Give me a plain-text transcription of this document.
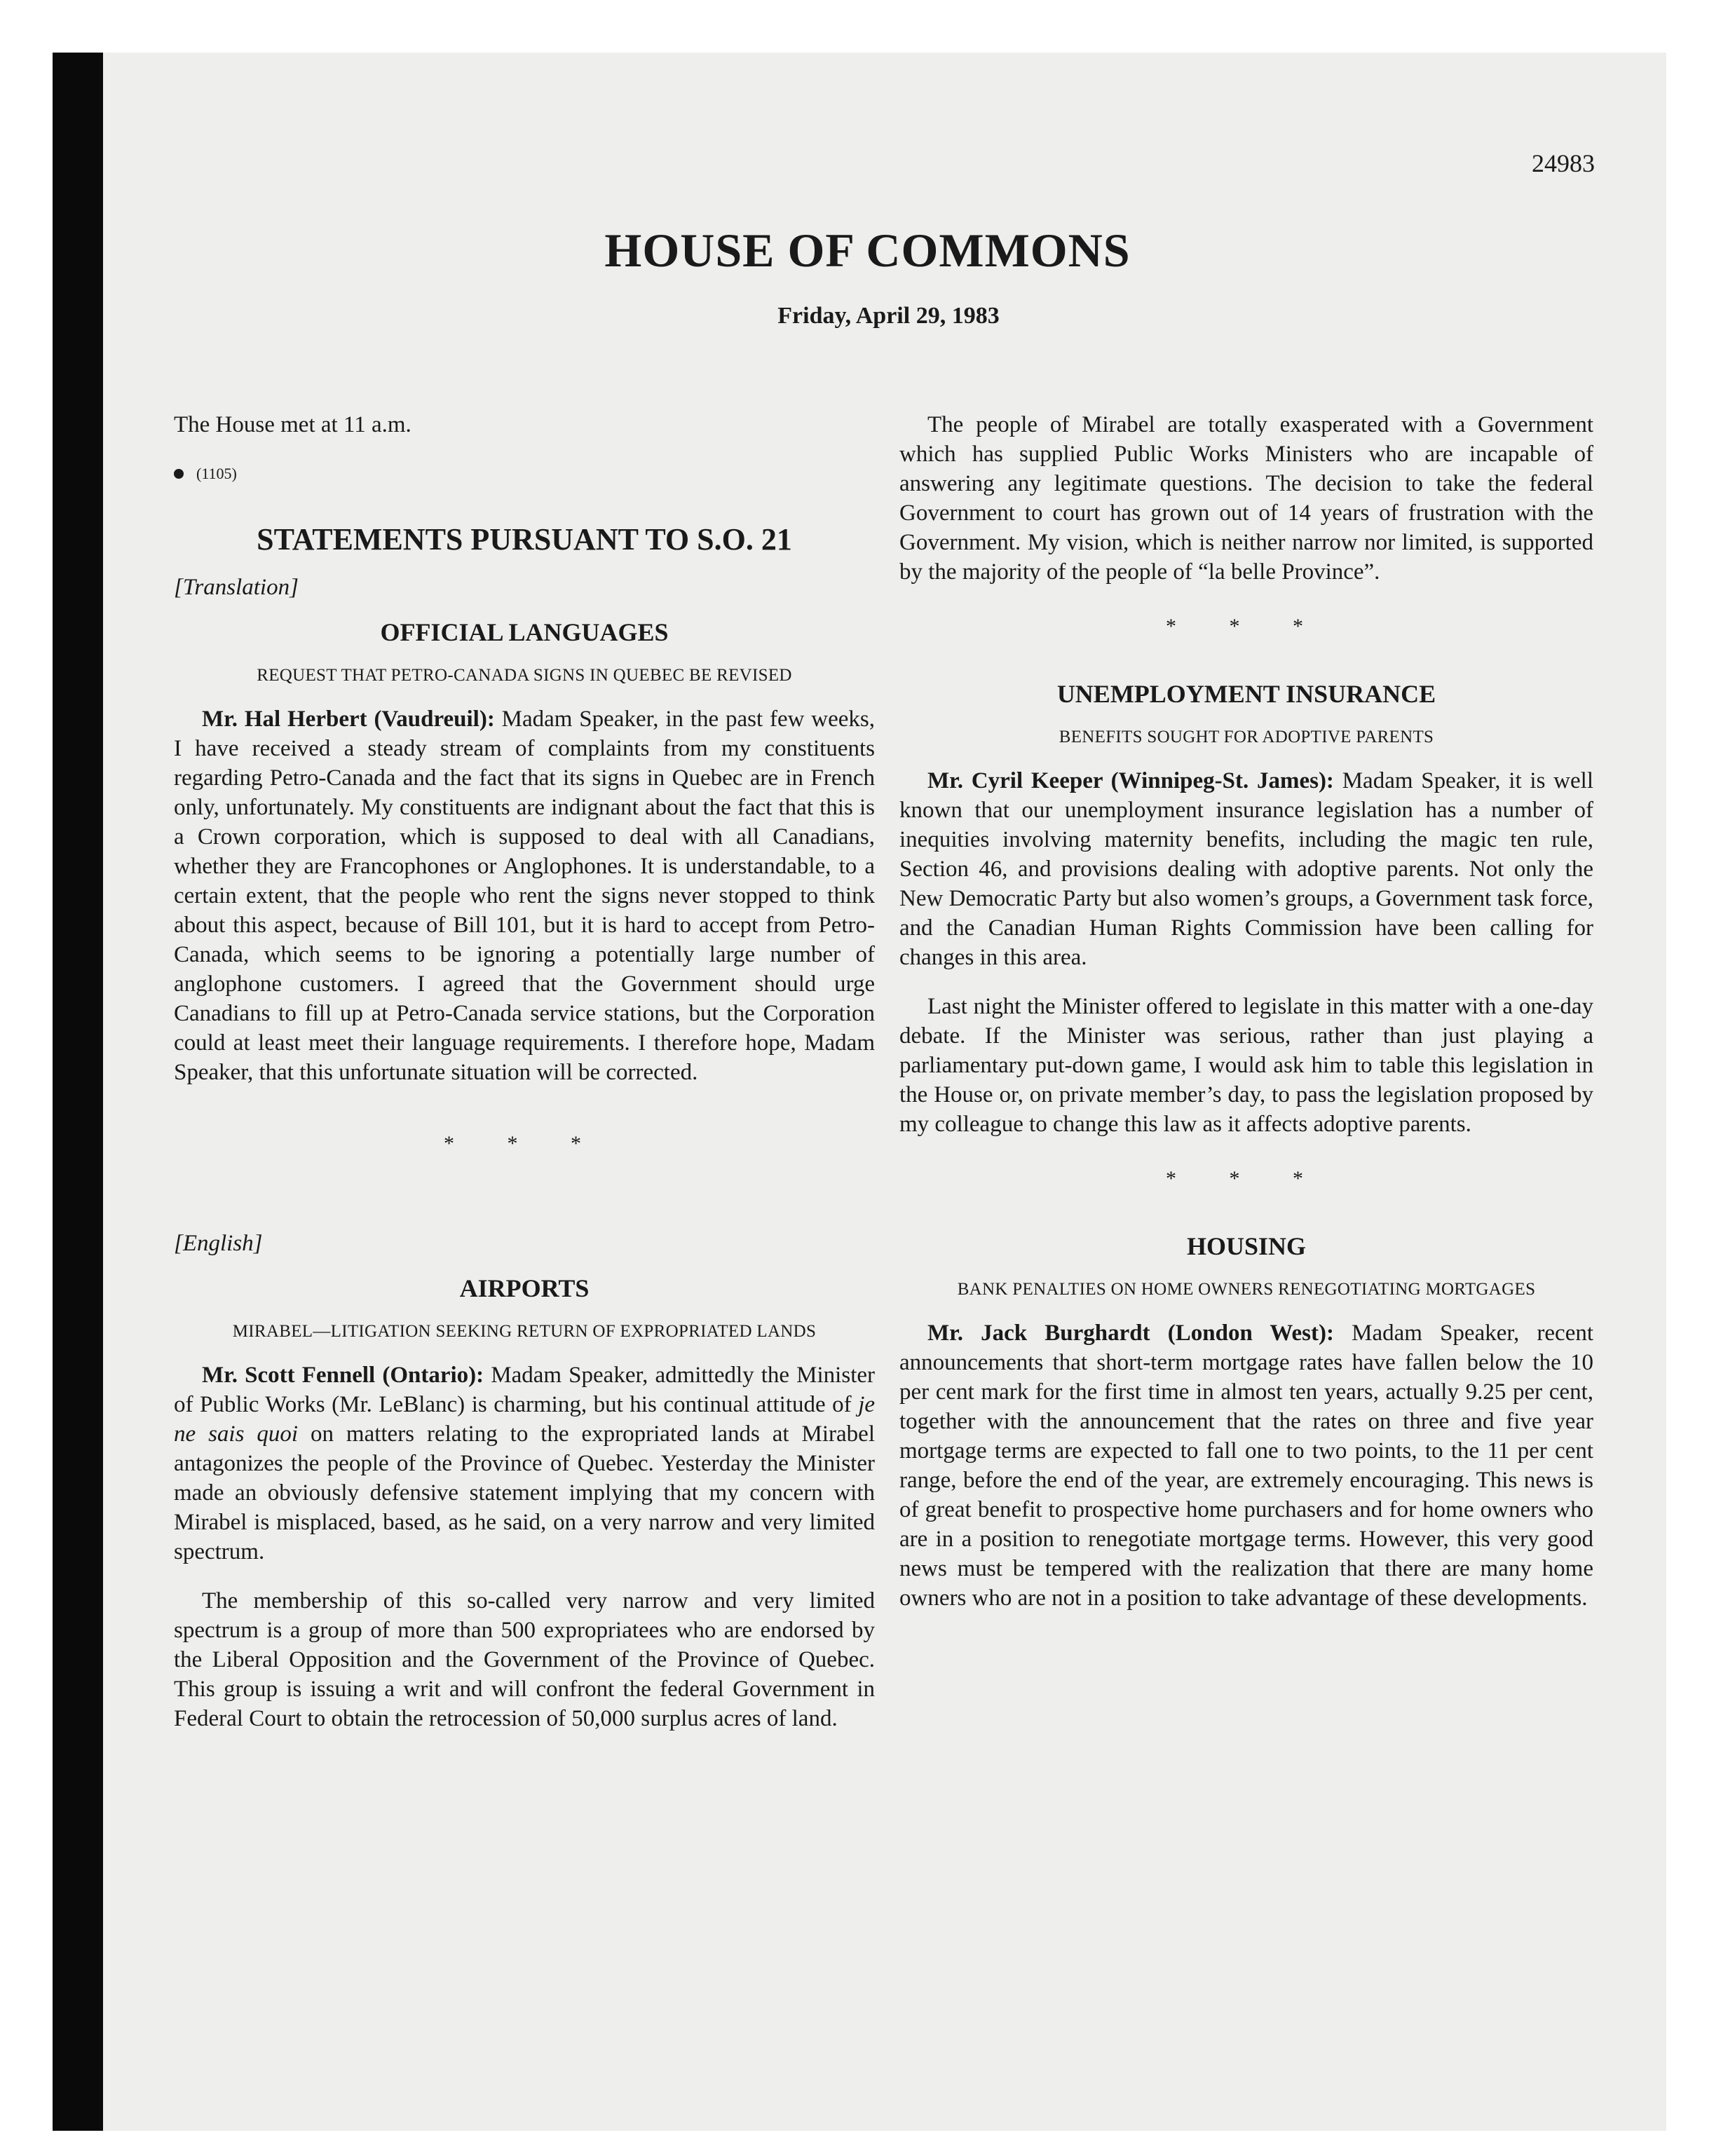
24983
HOUSE OF COMMONS
Friday, April 29, 1983

The House met at 11 a.m.

(1105)
STATEMENTS PURSUANT TO S.O. 21
[Translation]
OFFICIAL LANGUAGES
REQUEST THAT PETRO-CANADA SIGNS IN QUEBEC BE REVISED

Mr. Hal Herbert (Vaudreuil): Madam Speaker, in the past few weeks, I have received a steady stream of complaints from my constituents regarding Petro-Canada and the fact that its signs in Quebec are in French only, unfortunately. My constituents are indignant about the fact that this is a Crown corporation, which is supposed to deal with all Canadians, whether they are Francophones or Anglophones. It is understandable, to a certain extent, that the people who rent the signs never stopped to think about this aspect, because of Bill 101, but it is hard to accept from Petro-Canada, which seems to be ignoring a potentially large number of anglophone customers. I agreed that the Government should urge Canadians to fill up at Petro-Canada service stations, but the Corporation could at least meet their language requirements. I therefore hope, Madam Speaker, that this unfortunate situation will be corrected.

* * *
[English]
AIRPORTS
MIRABEL—LITIGATION SEEKING RETURN OF EXPROPRIATED LANDS

Mr. Scott Fennell (Ontario): Madam Speaker, admittedly the Minister of Public Works (Mr. LeBlanc) is charming, but his continual attitude of je ne sais quoi on matters relating to the expropriated lands at Mirabel antagonizes the people of the Province of Quebec. Yesterday the Minister made an obviously defensive statement implying that my concern with Mirabel is misplaced, based, as he said, on a very narrow and very limited spectrum.

The membership of this so-called very narrow and very limited spectrum is a group of more than 500 expropriatees who are endorsed by the Liberal Opposition and the Government of the Province of Quebec. This group is issuing a writ and will confront the federal Government in Federal Court to obtain the retrocession of 50,000 surplus acres of land.

The people of Mirabel are totally exasperated with a Government which has supplied Public Works Ministers who are incapable of answering any legitimate questions. The decision to take the federal Government to court has grown out of 14 years of frustration with the Government. My vision, which is neither narrow nor limited, is supported by the majority of the people of “la belle Province”.

* * *
UNEMPLOYMENT INSURANCE
BENEFITS SOUGHT FOR ADOPTIVE PARENTS

Mr. Cyril Keeper (Winnipeg-St. James): Madam Speaker, it is well known that our unemployment insurance legislation has a number of inequities involving maternity benefits, including the magic ten rule, Section 46, and provisions dealing with adoptive parents. Not only the New Democratic Party but also women’s groups, a Government task force, and the Canadian Human Rights Commission have been calling for changes in this area.

Last night the Minister offered to legislate in this matter with a one-day debate. If the Minister was serious, rather than just playing a parliamentary put-down game, I would ask him to table this legislation in the House or, on private member’s day, to pass the legislation proposed by my colleague to change this law as it affects adoptive parents.

* * *
HOUSING
BANK PENALTIES ON HOME OWNERS RENEGOTIATING MORTGAGES

Mr. Jack Burghardt (London West): Madam Speaker, recent announcements that short-term mortgage rates have fallen below the 10 per cent mark for the first time in almost ten years, actually 9.25 per cent, together with the announcement that the rates on three and five year mortgage terms are expected to fall one to two points, to the 11 per cent range, before the end of the year, are extremely encouraging. This news is of great benefit to prospective home purchasers and for home owners who are in a position to renegotiate mortgage terms. However, this very good news must be tempered with the realization that there are many home owners who are not in a position to take advantage of these developments.
